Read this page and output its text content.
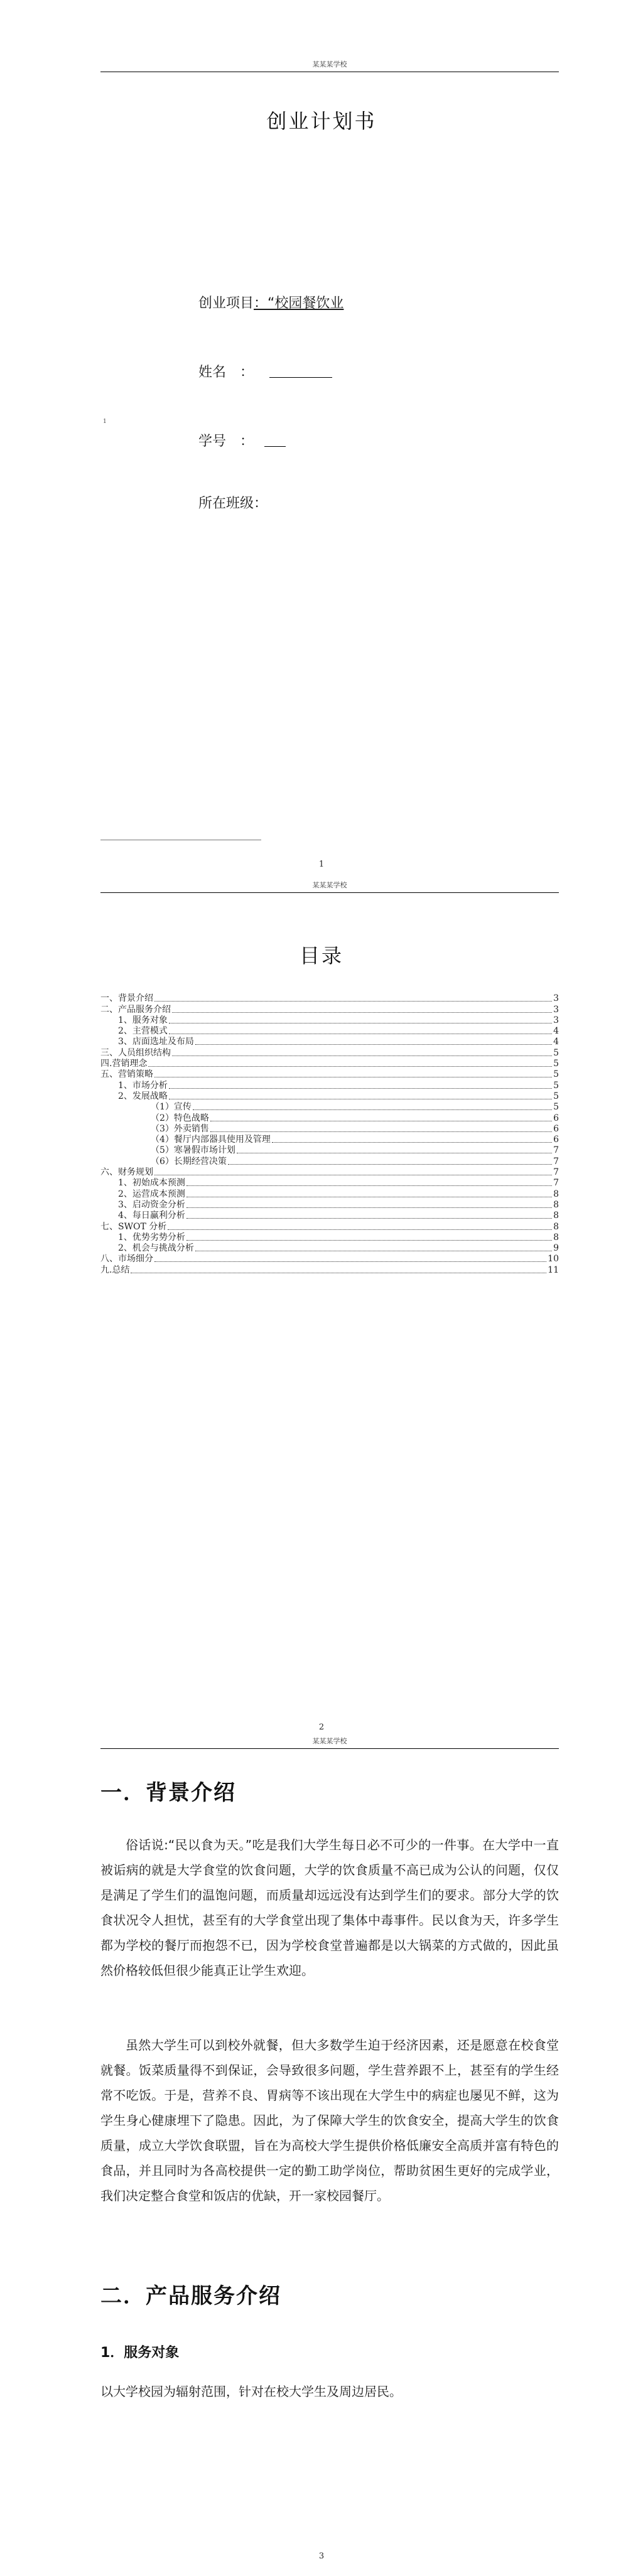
某某某学校
创业计划书
创业项目：“校园餐饮业
姓名　：
学号　：
1
所在班级：
1
某某某学校
目录
一、背景介绍	3
二、产品服务介绍	3
1、服务对象	3
2、主营模式	4
3、店面选址及布局	4
三、人员组织结构	5
四.营销理念	5
五、营销策略	5
1、市场分析	5
2、发展战略	5
（1）宣传	5
（2）特色战略	6
（3）外卖销售	6
（4）餐厅内部器具使用及管理	6
（5）寒暑假市场计划	7
（6）长期经营决策	7
六、财务规划	7
1、初始成本预测	7
2、运营成本预测	8
3、启动资金分析	8
4、每日赢利分析	8
七、SWOT 分析	8
1、优势劣势分析	8
2、机会与挑战分析	9
八、市场细分	10
九.总结	11
2
某某某学校
一．背景介绍
俗话说:“民以食为天。”吃是我们大学生每日必不可少的一件事。在大学中一直被诟病的就是大学食堂的饮食问题，大学的饮食质量不高已成为公认的问题，仅仅是满足了学生们的温饱问题，而质量却远远没有达到学生们的要求。部分大学的饮食状况令人担忧，甚至有的大学食堂出现了集体中毒事件。民以食为天，许多学生都为学校的餐厅而抱怨不已，因为学校食堂普遍都是以大锅菜的方式做的，因此虽然价格较低但很少能真正让学生欢迎。
虽然大学生可以到校外就餐，但大多数学生迫于经济因素，还是愿意在校食堂就餐。饭菜质量得不到保证，会导致很多问题，学生营养跟不上，甚至有的学生经常不吃饭。于是，营养不良、胃病等不该出现在大学生中的病症也屡见不鲜，这为学生身心健康埋下了隐患。因此，为了保障大学生的饮食安全，提高大学生的饮食质量，成立大学饮食联盟，旨在为高校大学生提供价格低廉安全高质并富有特色的食品，并且同时为各高校提供一定的勤工助学岗位，帮助贫困生更好的完成学业，我们决定整合食堂和饭店的优缺，开一家校园餐厅。
二．产品服务介绍
1．服务对象
以大学校园为辐射范围，针对在校大学生及周边居民。
3
